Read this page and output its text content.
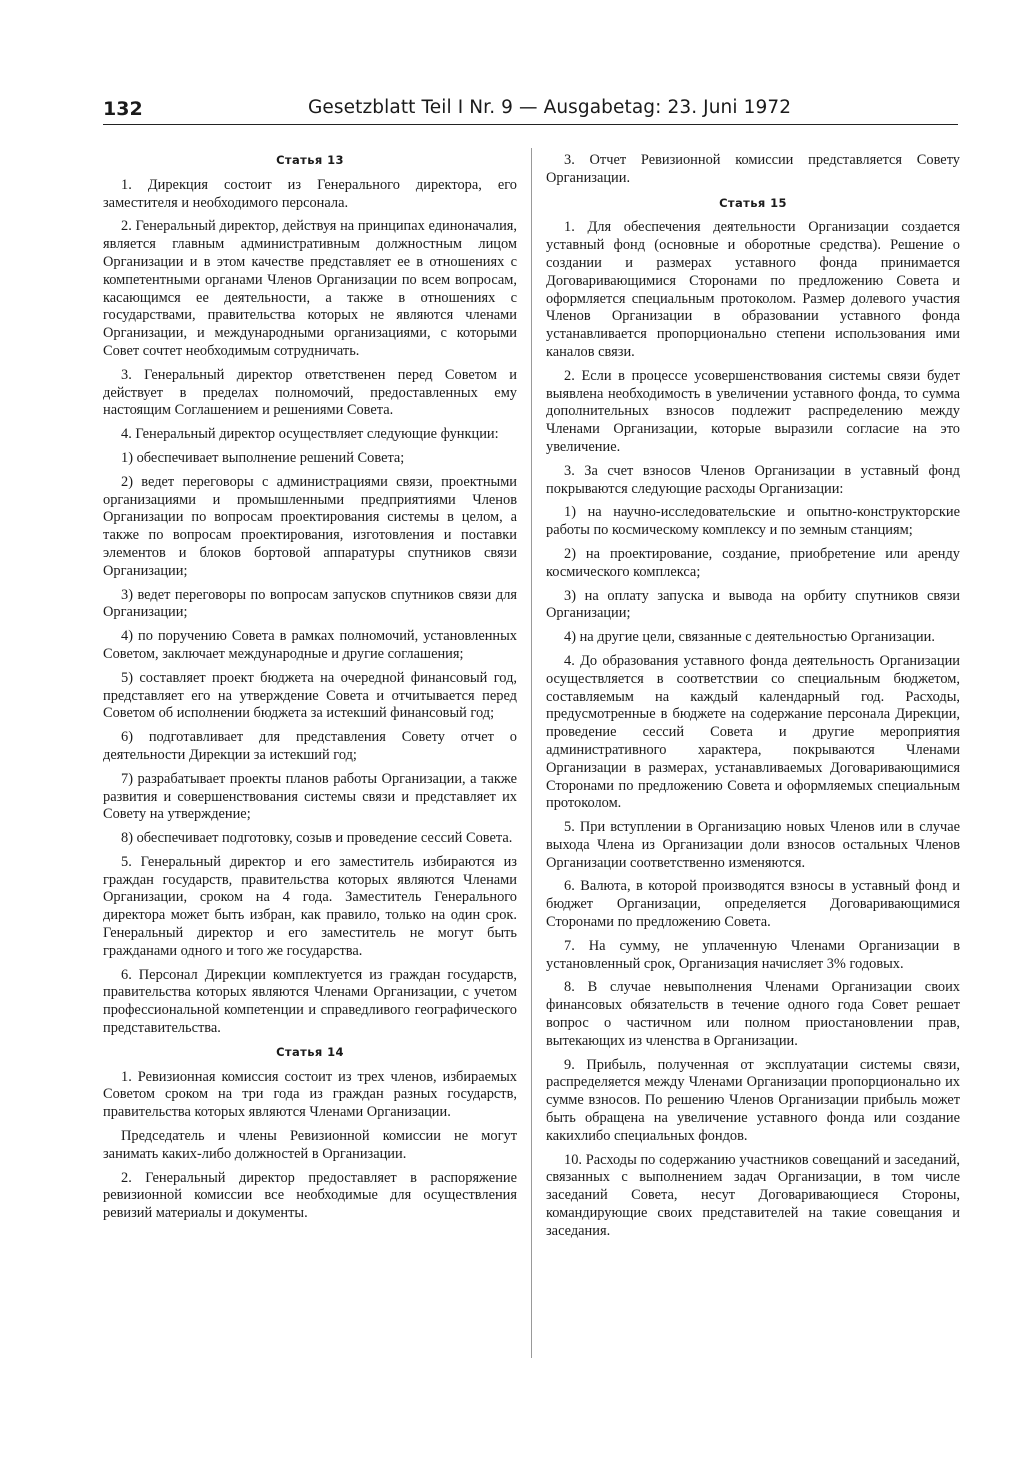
132	Gesetzblatt Teil I Nr. 9 — Ausgabetag: 23. Juni 1972
Статья 13

1. Дирекция состоит из Генерального директора, его заместителя и необходимого персонала.

2. Генеральный директор, действуя на принципах единоначалия, является главным административным должностным лицом Организации и в этом качестве представляет ее в отношениях с компетентными органами Членов Организации по всем вопросам, касающимся ее деятельности, а также в отношениях с государствами, правительства которых не являются членами Организации, и международными организациями, с которыми Совет сочтет необходимым сотрудничать.

3. Генеральный директор ответственен перед Советом и действует в пределах полномочий, предоставленных ему настоящим Соглашением и решениями Совета.

4. Генеральный директор осуществляет следующие функции:

1) обеспечивает выполнение решений Совета;

2) ведет переговоры с администрациями связи, проектными организациями и промышленными предприятиями Членов Организации по вопросам проектирования системы в целом, а также по вопросам проектирования, изготовления и поставки элементов и блоков бортовой аппаратуры спутников связи Организации;

3) ведет переговоры по вопросам запусков спутников связи для Организации;

4) по поручению Совета в рамках полномочий, установленных Советом, заключает международные и другие соглашения;

5) составляет проект бюджета на очередной финансовый год, представляет его на утверждение Совета и отчитывается перед Советом об исполнении бюджета за истекший финансовый год;

6) подготавливает для представления Совету отчет о деятельности Дирекции за истекший год;

7) разрабатывает проекты планов работы Организации, а также развития и совершенствования системы связи и представляет их Совету на утверждение;

8) обеспечивает подготовку, созыв и проведение сессий Совета.

5. Генеральный директор и его заместитель избираются из граждан государств, правительства которых являются Членами Организации, сроком на 4 года. Заместитель Генерального директора может быть избран, как правило, только на один срок. Генеральный директор и его заместитель не могут быть гражданами одного и того же государства.

6. Персонал Дирекции комплектуется из граждан государств, правительства которых являются Членами Организации, с учетом профессиональной компетенции и справедливого географического представительства.

Статья 14

1. Ревизионная комиссия состоит из трех членов, избираемых Советом сроком на три года из граждан разных государств, правительства которых являются Членами Организации.

Председатель и члены Ревизионной комиссии не могут занимать каких-либо должностей в Организации.

2. Генеральный директор предоставляет в распоряжение ревизионной комиссии все необходимые для осуществления ревизий материалы и документы.

3. Отчет Ревизионной комиссии представляется Совету Организации.

Статья 15

1. Для обеспечения деятельности Организации создается уставный фонд (основные и оборотные средства). Решение о создании и размерах уставного фонда принимается Договаривающимися Сторонами по предложению Совета и оформляется специальным протоколом. Размер долевого участия Членов Организации в образовании уставного фонда устанавливается пропорционально степени использования ими каналов связи.

2. Если в процессе усовершенствования системы связи будет выявлена необходимость в увеличении уставного фонда, то сумма дополнительных взносов подлежит распределению между Членами Организации, которые выразили согласие на это увеличение.

3. За счет взносов Членов Организации в уставный фонд покрываются следующие расходы Организации:

1) на научно-исследовательские и опытно-конструкторские работы по космическому комплексу и по земным станциям;

2) на проектирование, создание, приобретение или аренду космического комплекса;

3) на оплату запуска и вывода на орбиту спутников связи Организации;

4) на другие цели, связанные с деятельностью Организации.

4. До образования уставного фонда деятельность Организации осуществляется в соответствии со специальным бюджетом, составляемым на каждый календарный год. Расходы, предусмотренные в бюджете на содержание персонала Дирекции, проведение сессий Совета и другие мероприятия административного характера, покрываются Членами Организации в размерах, устанавливаемых Договаривающимися Сторонами по предложению Совета и оформляемых специальным протоколом.

5. При вступлении в Организацию новых Членов или в случае выхода Члена из Организации доли взносов остальных Членов Организации соответственно изменяются.

6. Валюта, в которой производятся взносы в уставный фонд и бюджет Организации, определяется Договаривающимися Сторонами по предложению Совета.

7. На сумму, не уплаченную Членами Организации в установленный срок, Организация начисляет 3% годовых.

8. В случае невыполнения Членами Организации своих финансовых обязательств в течение одного года Совет решает вопрос о частичном или полном приостановлении прав, вытекающих из членства в Организации.

9. Прибыль, полученная от эксплуатации системы связи, распределяется между Членами Организации пропорционально их сумме взносов. По решению Членов Организации прибыль может быть обращена на увеличение уставного фонда или создание какихлибо специальных фондов.

10. Расходы по содержанию участников совещаний и заседаний, связанных с выполнением задач Организации, в том числе заседаний Совета, несут Договаривающиеся Стороны, командирующие своих представителей на такие совещания и заседания.
